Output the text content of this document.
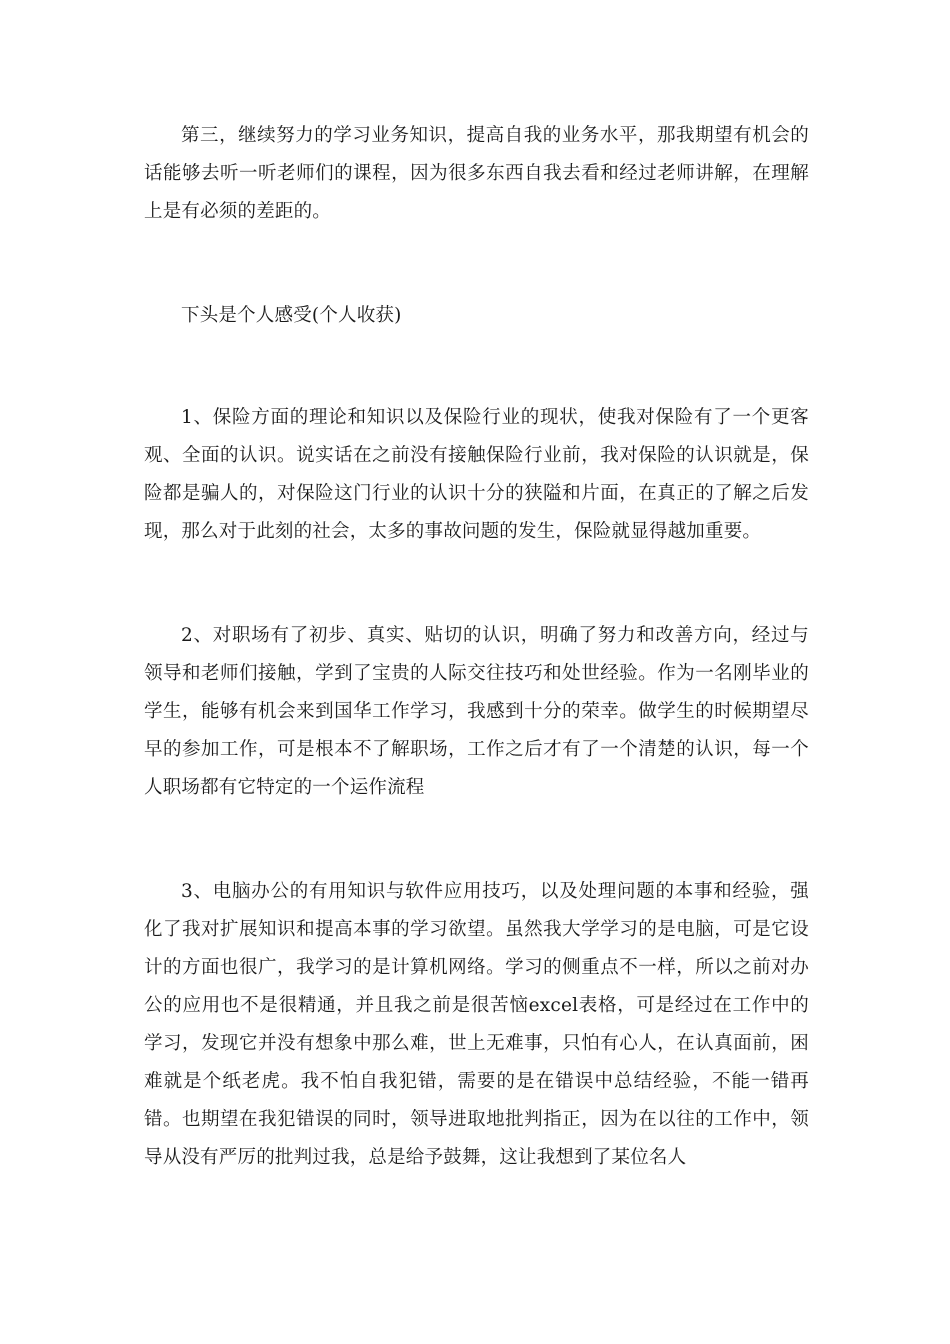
第三，继续努力的学习业务知识，提高自我的业务水平，那我期望有机会的话能够去听一听老师们的课程，因为很多东西自我去看和经过老师讲解，在理解上是有必须的差距的。

下头是个人感受(个人收获)

1、保险方面的理论和知识以及保险行业的现状，使我对保险有了一个更客观、全面的认识。说实话在之前没有接触保险行业前，我对保险的认识就是，保险都是骗人的，对保险这门行业的认识十分的狭隘和片面，在真正的了解之后发现，那么对于此刻的社会，太多的事故问题的发生，保险就显得越加重要。

2、对职场有了初步、真实、贴切的认识，明确了努力和改善方向，经过与领导和老师们接触，学到了宝贵的人际交往技巧和处世经验。作为一名刚毕业的学生，能够有机会来到国华工作学习，我感到十分的荣幸。做学生的时候期望尽早的参加工作，可是根本不了解职场，工作之后才有了一个清楚的认识，每一个人职场都有它特定的一个运作流程

3、电脑办公的有用知识与软件应用技巧，以及处理问题的本事和经验，强化了我对扩展知识和提高本事的学习欲望。虽然我大学学习的是电脑，可是它设计的方面也很广，我学习的是计算机网络。学习的侧重点不一样，所以之前对办公的应用也不是很精通，并且我之前是很苦恼excel表格，可是经过在工作中的学习，发现它并没有想象中那么难，世上无难事，只怕有心人，在认真面前，困难就是个纸老虎。我不怕自我犯错，需要的是在错误中总结经验，不能一错再错。也期望在我犯错误的同时，领导进取地批判指正，因为在以往的工作中，领导从没有严厉的批判过我，总是给予鼓舞，这让我想到了某位名人
